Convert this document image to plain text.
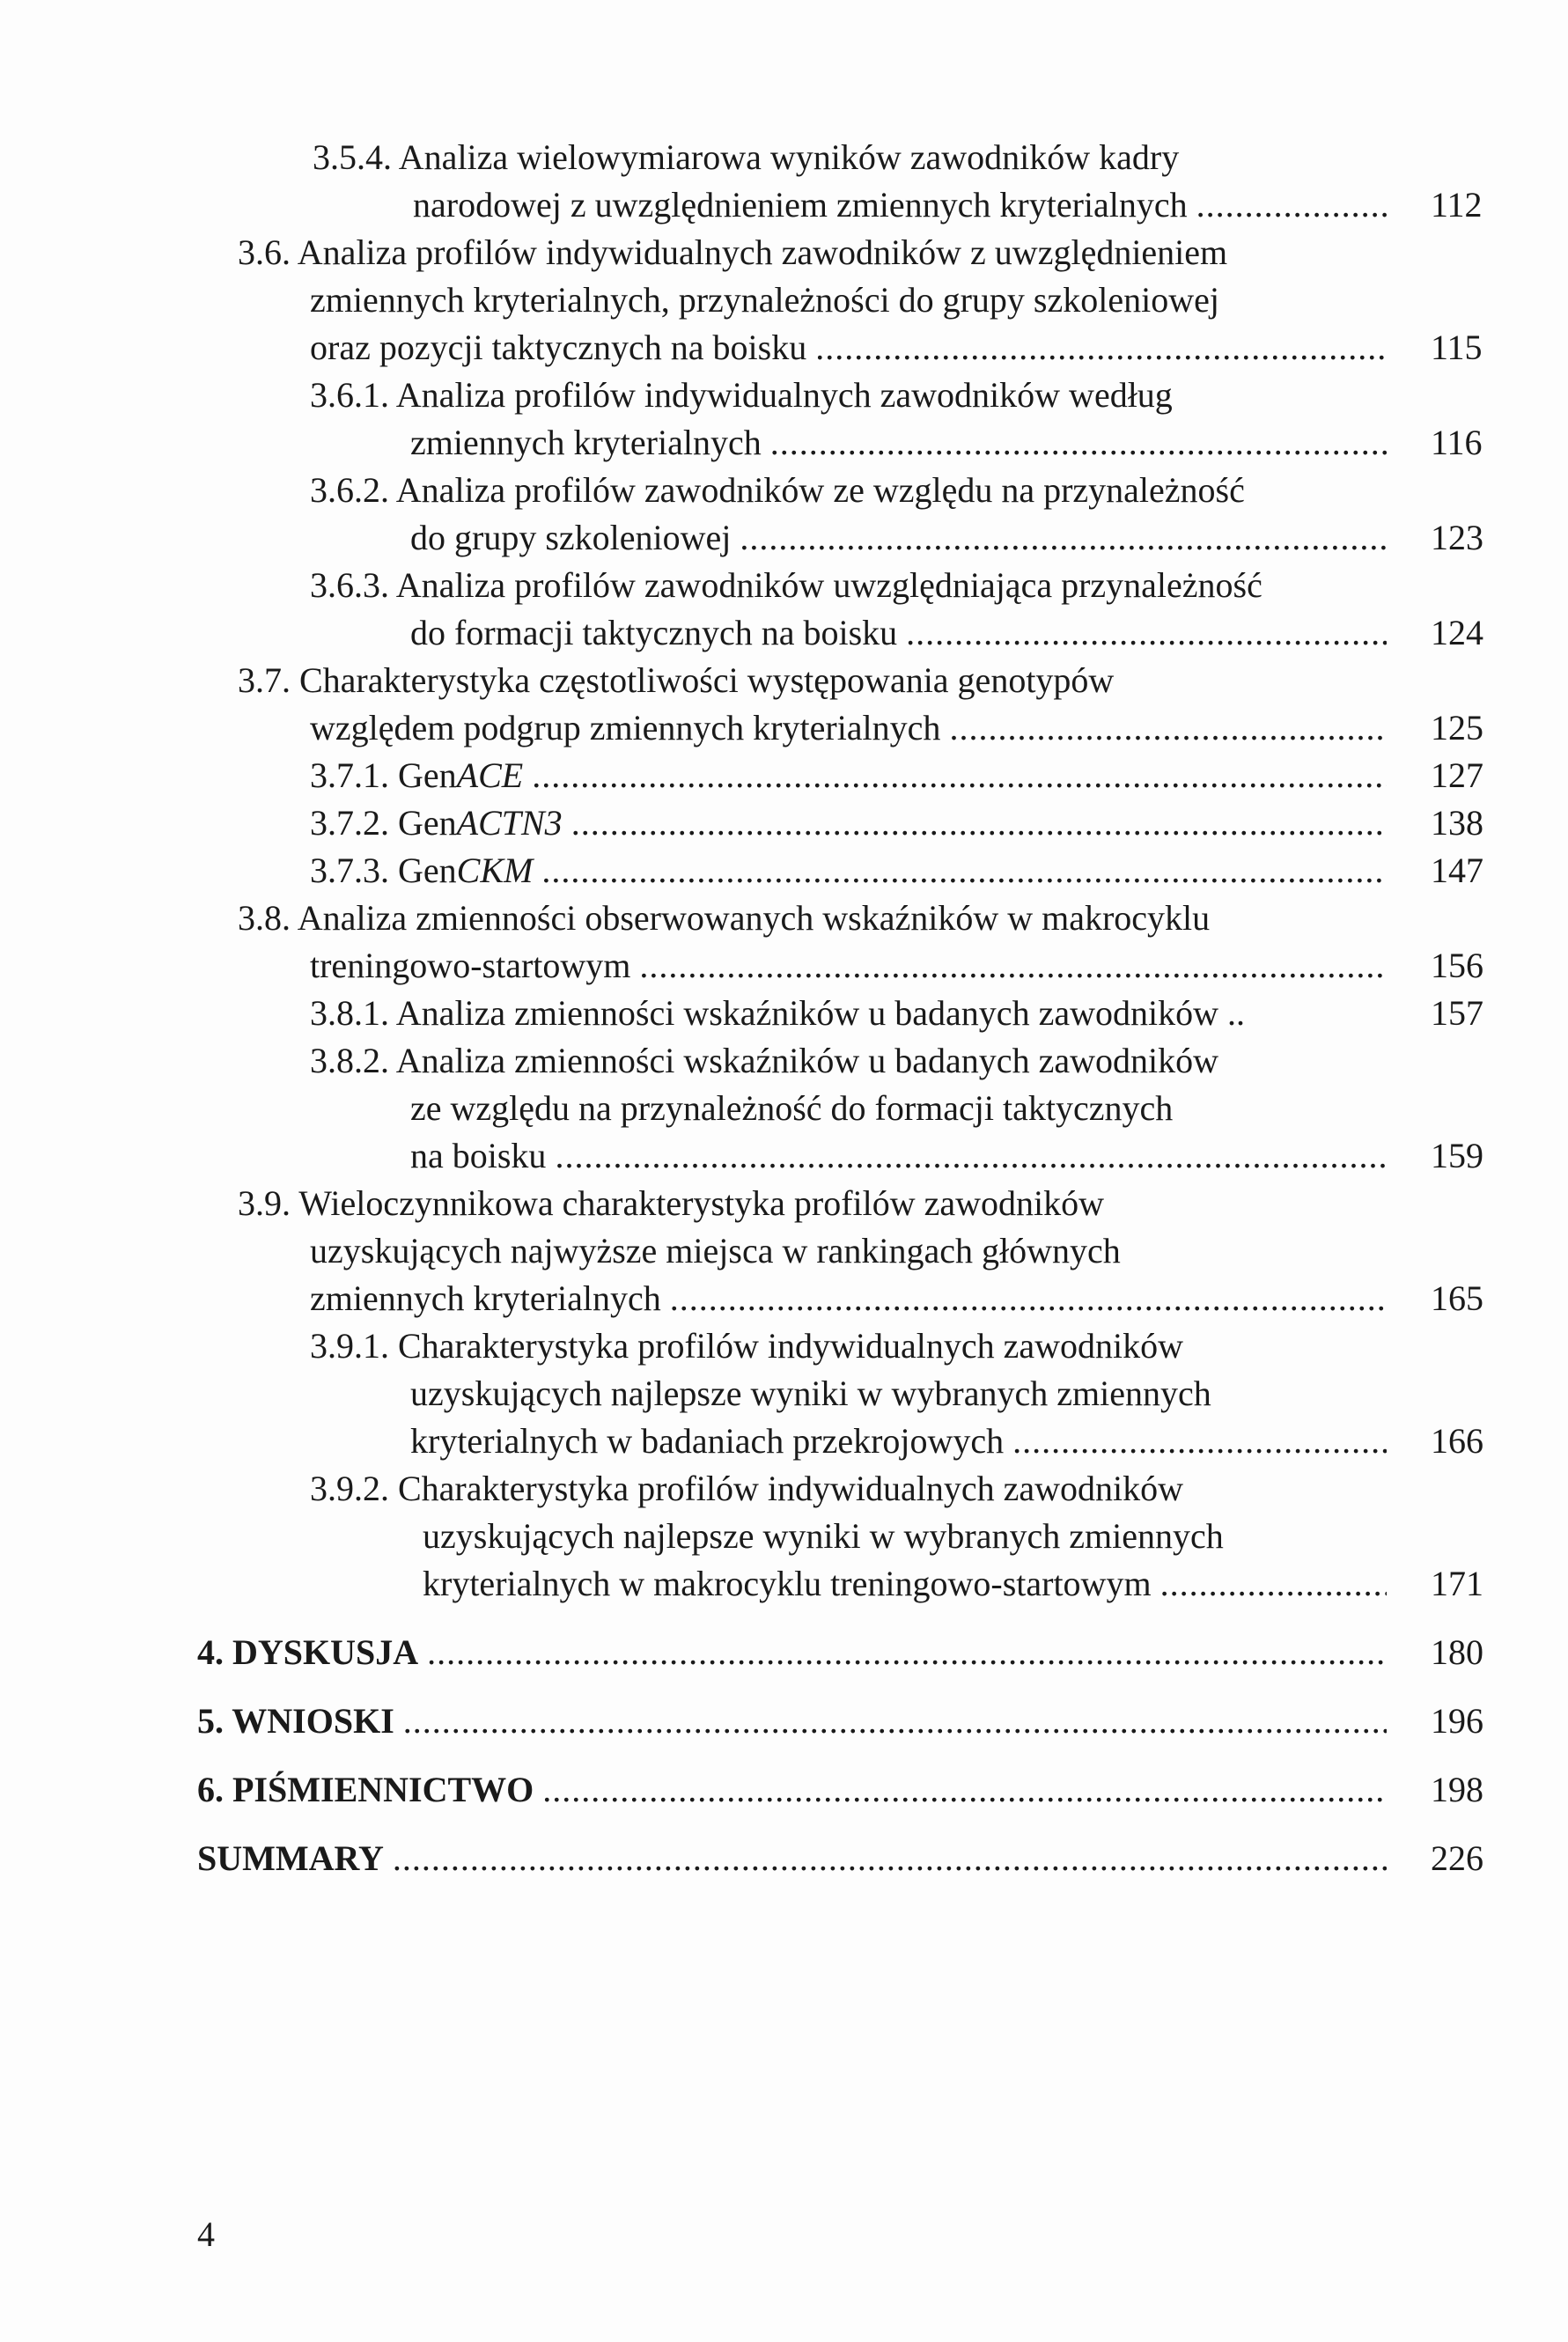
3.5.4. Analiza wielowymiarowa wyników zawodników kadry
narodowej z uwzględnieniem zmiennych kryterialnych .....	112
3.6. Analiza profilów indywidualnych zawodników z uwzględnieniem
zmiennych kryterialnych, przynależności do grupy szkoleniowej
oraz pozycji taktycznych na boisku .....	115
3.6.1. Analiza profilów indywidualnych zawodników według
zmiennych kryterialnych .....	116
3.6.2. Analiza profilów zawodników ze względu na przynależność
do grupy szkoleniowej .....	123
3.6.3. Analiza profilów zawodników uwzględniająca przynależność
do formacji taktycznych na boisku .....	124
3.7. Charakterystyka częstotliwości występowania genotypów
względem podgrup zmiennych kryterialnych .....	125
3.7.1. GenACE .....	127
3.7.2. GenACTN3 .....	138
3.7.3. GenCKM .....	147
3.8. Analiza zmienności obserwowanych wskaźników w makrocyklu
treningowo-startowym .....	156
3.8.1. Analiza zmienności wskaźników u badanych zawodników ..	157
3.8.2. Analiza zmienności wskaźników u badanych zawodników
ze względu na przynależność do formacji taktycznych
na boisku .....	159
3.9. Wieloczynnikowa charakterystyka profilów zawodników
uzyskujących najwyższe miejsca w rankingach głównych
zmiennych kryterialnych .....	165
3.9.1. Charakterystyka profilów indywidualnych zawodników
uzyskujących najlepsze wyniki w wybranych zmiennych
kryterialnych w badaniach przekrojowych .....	166
3.9.2. Charakterystyka profilów indywidualnych zawodników
uzyskujących najlepsze wyniki w wybranych zmiennych
kryterialnych w makrocyklu treningowo-startowym .....	171
4. DYSKUSJA .....	180
5. WNIOSKI .....	196
6. PIŚMIENNICTWO .....	198
SUMMARY .....	226
4
